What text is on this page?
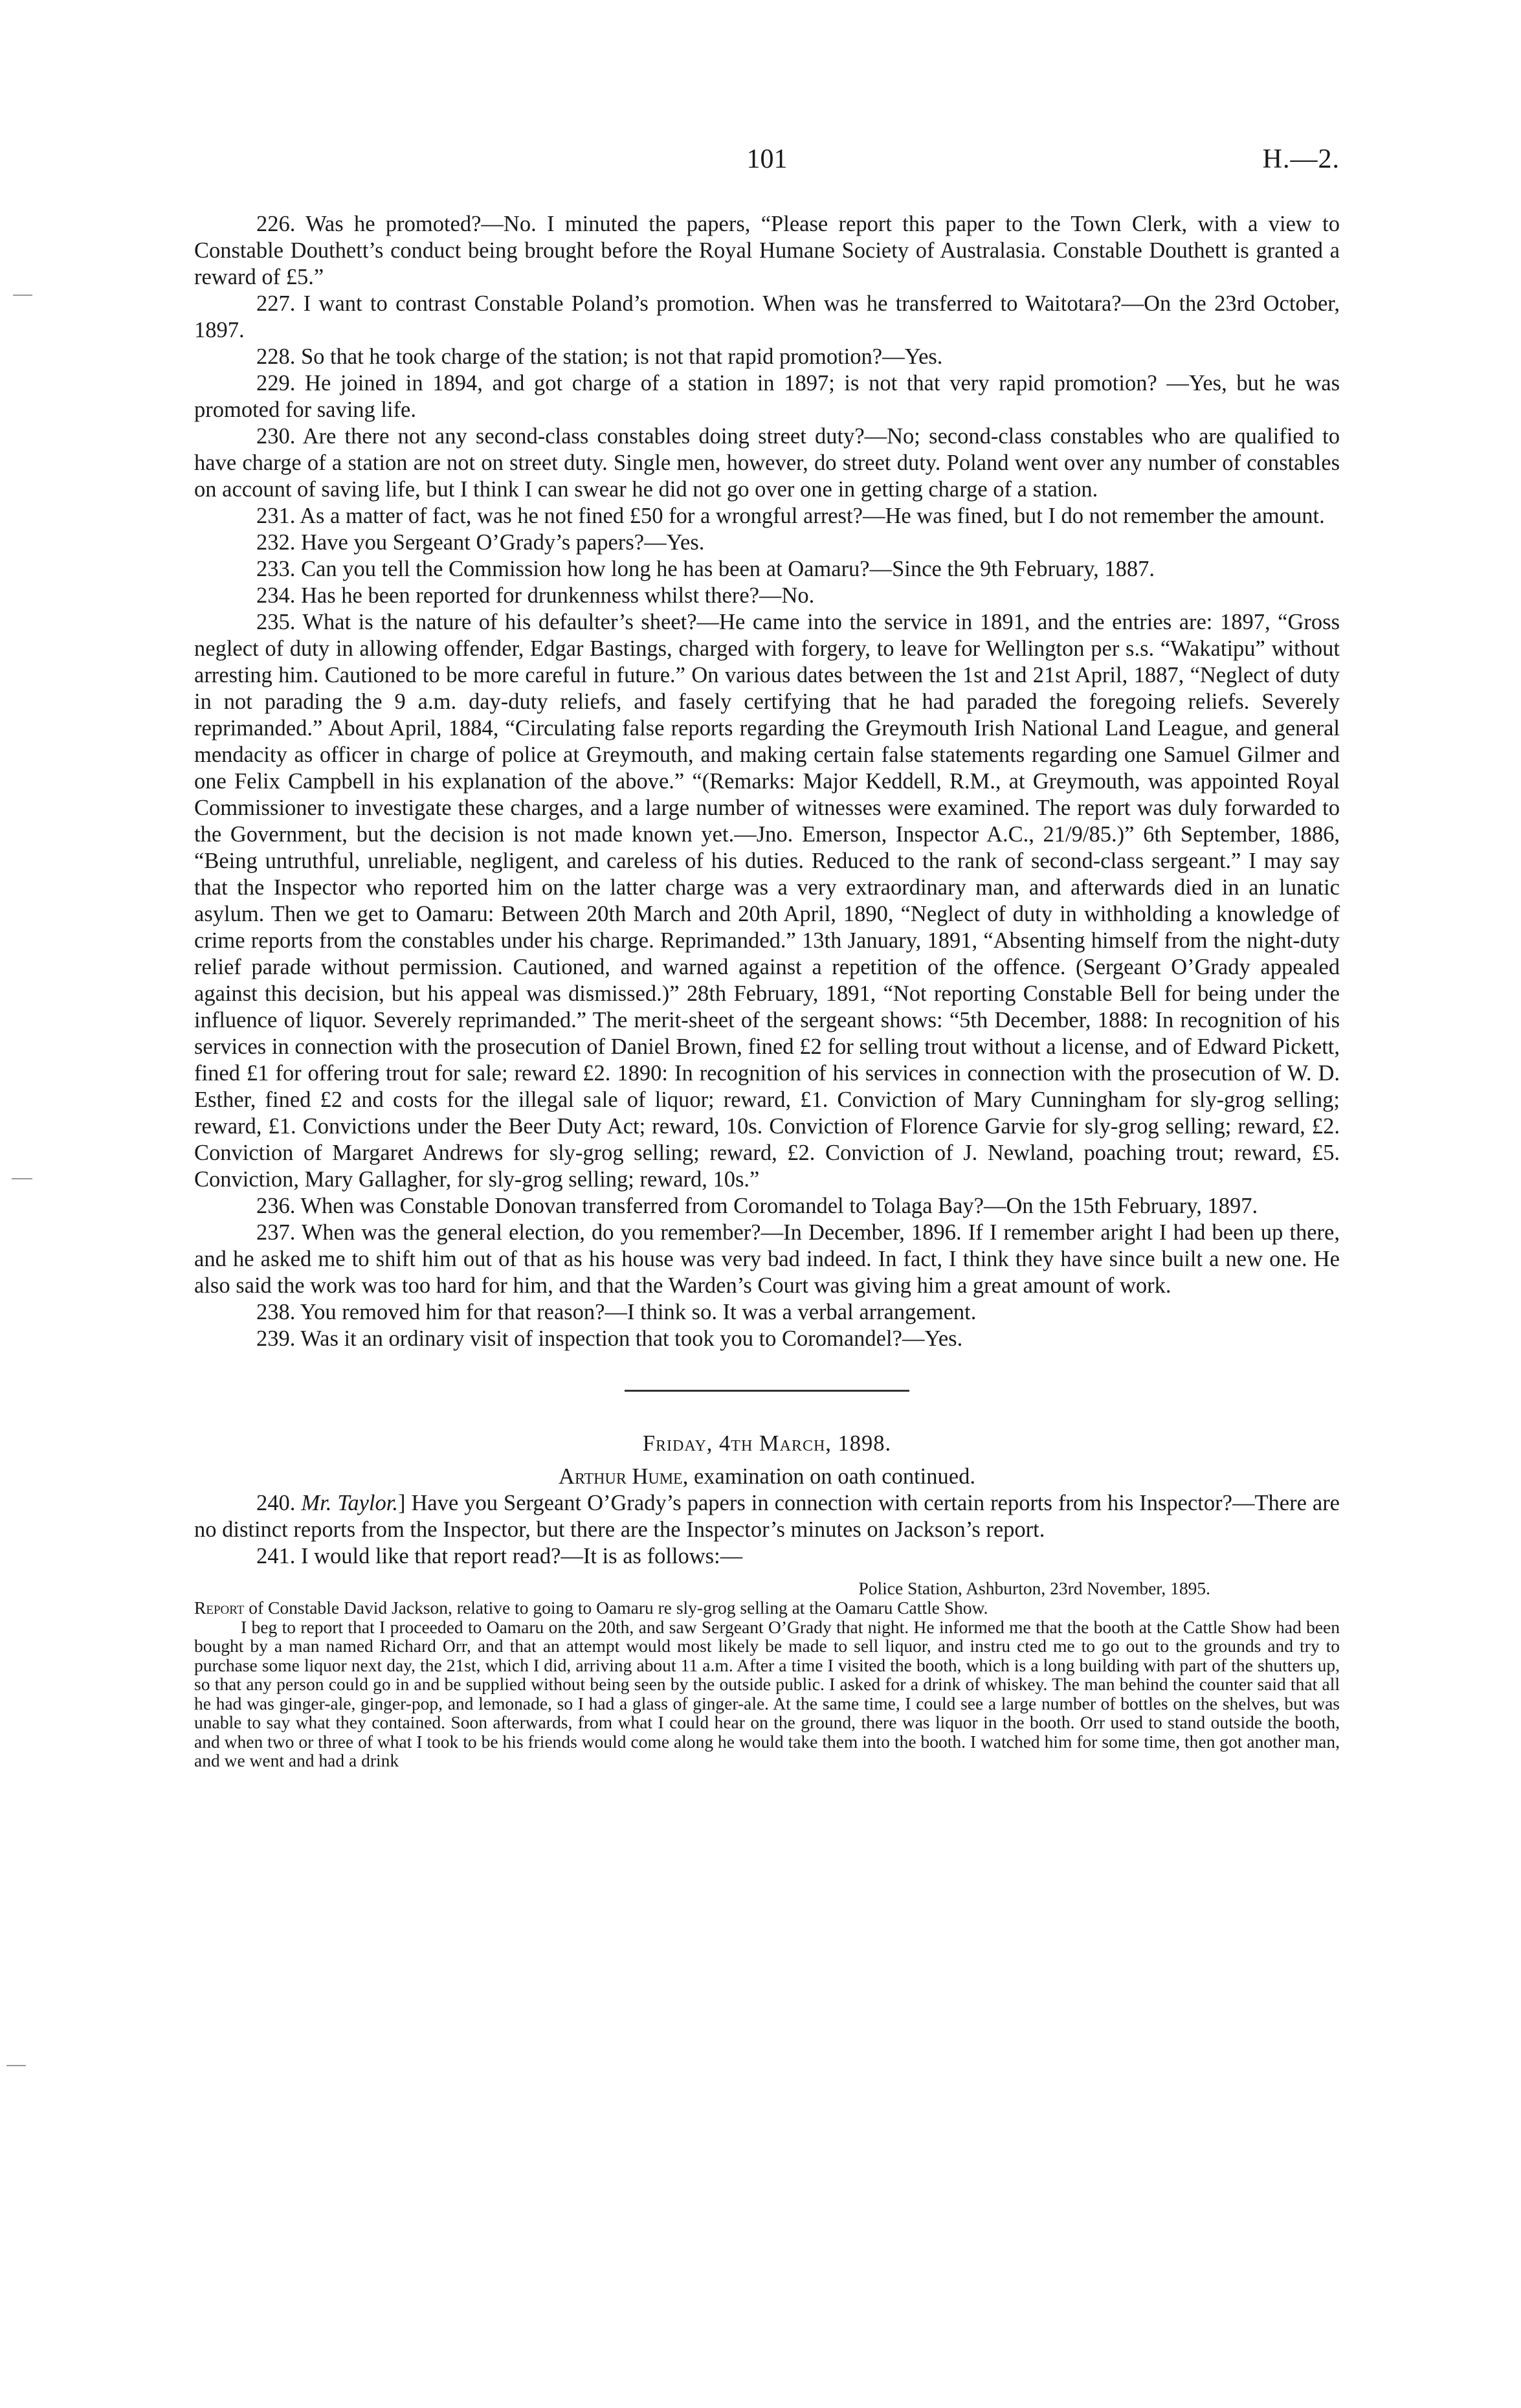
101	H.—2.

226. Was he promoted?—No. I minuted the papers, “Please report this paper to the Town Clerk, with a view to Constable Douthett’s conduct being brought before the Royal Humane Society of Australasia. Constable Douthett is granted a reward of £5.”

227. I want to contrast Constable Poland’s promotion. When was he transferred to Waitotara?—On the 23rd October, 1897.

228. So that he took charge of the station; is not that rapid promotion?—Yes.

229. He joined in 1894, and got charge of a station in 1897; is not that very rapid promotion? —Yes, but he was promoted for saving life.

230. Are there not any second-class constables doing street duty?—No; second-class constables who are qualified to have charge of a station are not on street duty. Single men, however, do street duty. Poland went over any number of constables on account of saving life, but I think I can swear he did not go over one in getting charge of a station.

231. As a matter of fact, was he not fined £50 for a wrongful arrest?—He was fined, but I do not remember the amount.

232. Have you Sergeant O’Grady’s papers?—Yes.

233. Can you tell the Commission how long he has been at Oamaru?—Since the 9th February, 1887.

234. Has he been reported for drunkenness whilst there?—No.

235. What is the nature of his defaulter’s sheet?—He came into the service in 1891, and the entries are: 1897, “Gross neglect of duty in allowing offender, Edgar Bastings, charged with forgery, to leave for Wellington per s.s. “Wakatipu” without arresting him. Cautioned to be more careful in future.” On various dates between the 1st and 21st April, 1887, “Neglect of duty in not parading the 9 a.m. day-duty reliefs, and fasely certifying that he had paraded the foregoing reliefs. Severely reprimanded.” About April, 1884, “Circulating false reports regarding the Greymouth Irish National Land League, and general mendacity as officer in charge of police at Greymouth, and making certain false statements regarding one Samuel Gilmer and one Felix Campbell in his explanation of the above.” “(Remarks: Major Keddell, R.M., at Greymouth, was appointed Royal Commissioner to investigate these charges, and a large number of witnesses were examined. The report was duly forwarded to the Government, but the decision is not made known yet.—Jno. Emerson, Inspector A.C., 21/9/85.)” 6th September, 1886, “Being untruthful, unreliable, negligent, and careless of his duties. Reduced to the rank of second-class sergeant.” I may say that the Inspector who reported him on the latter charge was a very extraordinary man, and afterwards died in an lunatic asylum. Then we get to Oamaru: Between 20th March and 20th April, 1890, “Neglect of duty in withholding a knowledge of crime reports from the constables under his charge. Reprimanded.” 13th January, 1891, “Absenting himself from the night-duty relief parade without permission. Cautioned, and warned against a repetition of the offence. (Sergeant O’Grady appealed against this decision, but his appeal was dismissed.)” 28th February, 1891, “Not reporting Constable Bell for being under the influence of liquor. Severely reprimanded.” The merit-sheet of the sergeant shows: “5th December, 1888: In recognition of his services in connection with the prosecution of Daniel Brown, fined £2 for selling trout without a license, and of Edward Pickett, fined £1 for offering trout for sale; reward £2. 1890: In recognition of his services in connection with the prosecution of W. D. Esther, fined £2 and costs for the illegal sale of liquor; reward, £1. Conviction of Mary Cunningham for sly-grog selling; reward, £1. Convictions under the Beer Duty Act; reward, 10s. Conviction of Florence Garvie for sly-grog selling; reward, £2. Conviction of Margaret Andrews for sly-grog selling; reward, £2. Conviction of J. Newland, poaching trout; reward, £5. Conviction, Mary Gallagher, for sly-grog selling; reward, 10s.”

236. When was Constable Donovan transferred from Coromandel to Tolaga Bay?—On the 15th February, 1897.

237. When was the general election, do you remember?—In December, 1896. If I remember aright I had been up there, and he asked me to shift him out of that as his house was very bad indeed. In fact, I think they have since built a new one. He also said the work was too hard for him, and that the Warden’s Court was giving him a great amount of work.

238. You removed him for that reason?—I think so. It was a verbal arrangement.

239. Was it an ordinary visit of inspection that took you to Coromandel?—Yes.

Friday, 4th March, 1898.

Arthur Hume, examination on oath continued.

240. Mr. Taylor.] Have you Sergeant O’Grady’s papers in connection with certain reports from his Inspector?—There are no distinct reports from the Inspector, but there are the Inspector’s minutes on Jackson’s report.

241. I would like that report read?—It is as follows:—

Police Station, Ashburton, 23rd November, 1895.

Report of Constable David Jackson, relative to going to Oamaru re sly-grog selling at the Oamaru Cattle Show.

I beg to report that I proceeded to Oamaru on the 20th, and saw Sergeant O’Grady that night. He informed me that the booth at the Cattle Show had been bought by a man named Richard Orr, and that an attempt would most likely be made to sell liquor, and instru cted me to go out to the grounds and try to purchase some liquor next day, the 21st, which I did, arriving about 11 a.m. After a time I visited the booth, which is a long building with part of the shutters up, so that any person could go in and be supplied without being seen by the outside public. I asked for a drink of whiskey. The man behind the counter said that all he had was ginger-ale, ginger-pop, and lemonade, so I had a glass of ginger-ale. At the same time, I could see a large number of bottles on the shelves, but was unable to say what they contained. Soon afterwards, from what I could hear on the ground, there was liquor in the booth. Orr used to stand outside the booth, and when two or three of what I took to be his friends would come along he would take them into the booth. I watched him for some time, then got another man, and we went and had a drink
